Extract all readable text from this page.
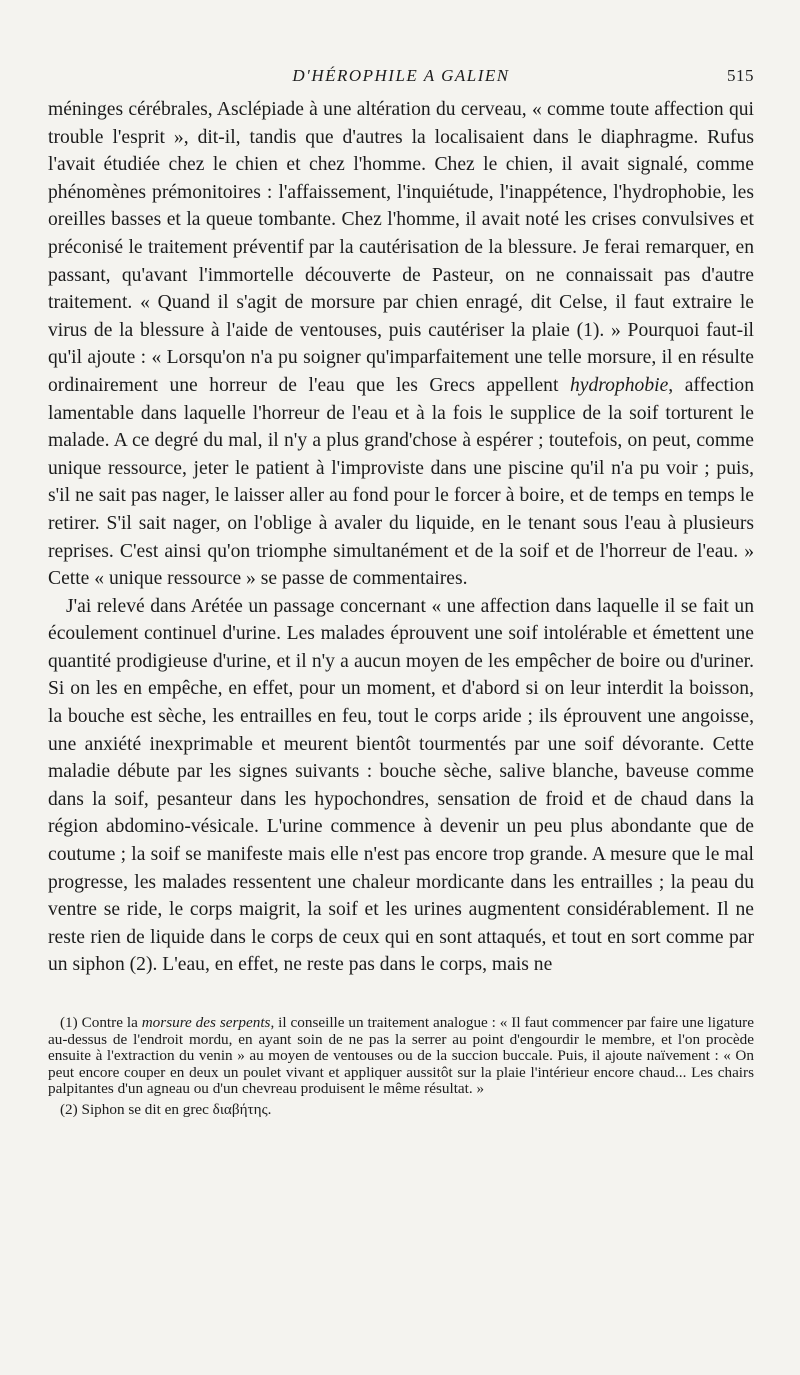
D'HÉROPHILE A GALIEN	515

méninges cérébrales, Asclépiade à une altération du cerveau, « comme toute affection qui trouble l'esprit », dit-il, tandis que d'autres la localisaient dans le diaphragme. Rufus l'avait étudiée chez le chien et chez l'homme. Chez le chien, il avait signalé, comme phénomènes prémonitoires : l'affaissement, l'inquiétude, l'inappétence, l'hydrophobie, les oreilles basses et la queue tombante. Chez l'homme, il avait noté les crises convulsives et préconisé le traitement préventif par la cautérisation de la blessure. Je ferai remarquer, en passant, qu'avant l'immortelle découverte de Pasteur, on ne connaissait pas d'autre traitement. « Quand il s'agit de morsure par chien enragé, dit Celse, il faut extraire le virus de la blessure à l'aide de ventouses, puis cautériser la plaie (1). » Pourquoi faut-il qu'il ajoute : « Lorsqu'on n'a pu soigner qu'imparfaitement une telle morsure, il en résulte ordinairement une horreur de l'eau que les Grecs appellent hydrophobie, affection lamentable dans laquelle l'horreur de l'eau et à la fois le supplice de la soif torturent le malade. A ce degré du mal, il n'y a plus grand'chose à espérer ; toutefois, on peut, comme unique ressource, jeter le patient à l'improviste dans une piscine qu'il n'a pu voir ; puis, s'il ne sait pas nager, le laisser aller au fond pour le forcer à boire, et de temps en temps le retirer. S'il sait nager, on l'oblige à avaler du liquide, en le tenant sous l'eau à plusieurs reprises. C'est ainsi qu'on triomphe simultanément et de la soif et de l'horreur de l'eau. » Cette « unique ressource » se passe de commentaires.

J'ai relevé dans Arétée un passage concernant « une affection dans laquelle il se fait un écoulement continuel d'urine. Les malades éprouvent une soif intolérable et émettent une quantité prodigieuse d'urine, et il n'y a aucun moyen de les empêcher de boire ou d'uriner. Si on les en empêche, en effet, pour un moment, et d'abord si on leur interdit la boisson, la bouche est sèche, les entrailles en feu, tout le corps aride ; ils éprouvent une angoisse, une anxiété inexprimable et meurent bientôt tourmentés par une soif dévorante. Cette maladie débute par les signes suivants : bouche sèche, salive blanche, baveuse comme dans la soif, pesanteur dans les hypochondres, sensation de froid et de chaud dans la région abdomino-vésicale. L'urine commence à devenir un peu plus abondante que de coutume ; la soif se manifeste mais elle n'est pas encore trop grande. A mesure que le mal progresse, les malades ressentent une chaleur mordicante dans les entrailles ; la peau du ventre se ride, le corps maigrit, la soif et les urines augmentent considérablement. Il ne reste rien de liquide dans le corps de ceux qui en sont attaqués, et tout en sort comme par un siphon (2). L'eau, en effet, ne reste pas dans le corps, mais ne

(1) Contre la morsure des serpents, il conseille un traitement analogue : « Il faut commencer par faire une ligature au-dessus de l'endroit mordu, en ayant soin de ne pas la serrer au point d'engourdir le membre, et l'on procède ensuite à l'extraction du venin » au moyen de ventouses ou de la succion buccale. Puis, il ajoute naïvement : « On peut encore couper en deux un poulet vivant et appliquer aussitôt sur la plaie l'intérieur encore chaud... Les chairs palpitantes d'un agneau ou d'un chevreau produisent le même résultat. »

(2) Siphon se dit en grec διαβήτης.
